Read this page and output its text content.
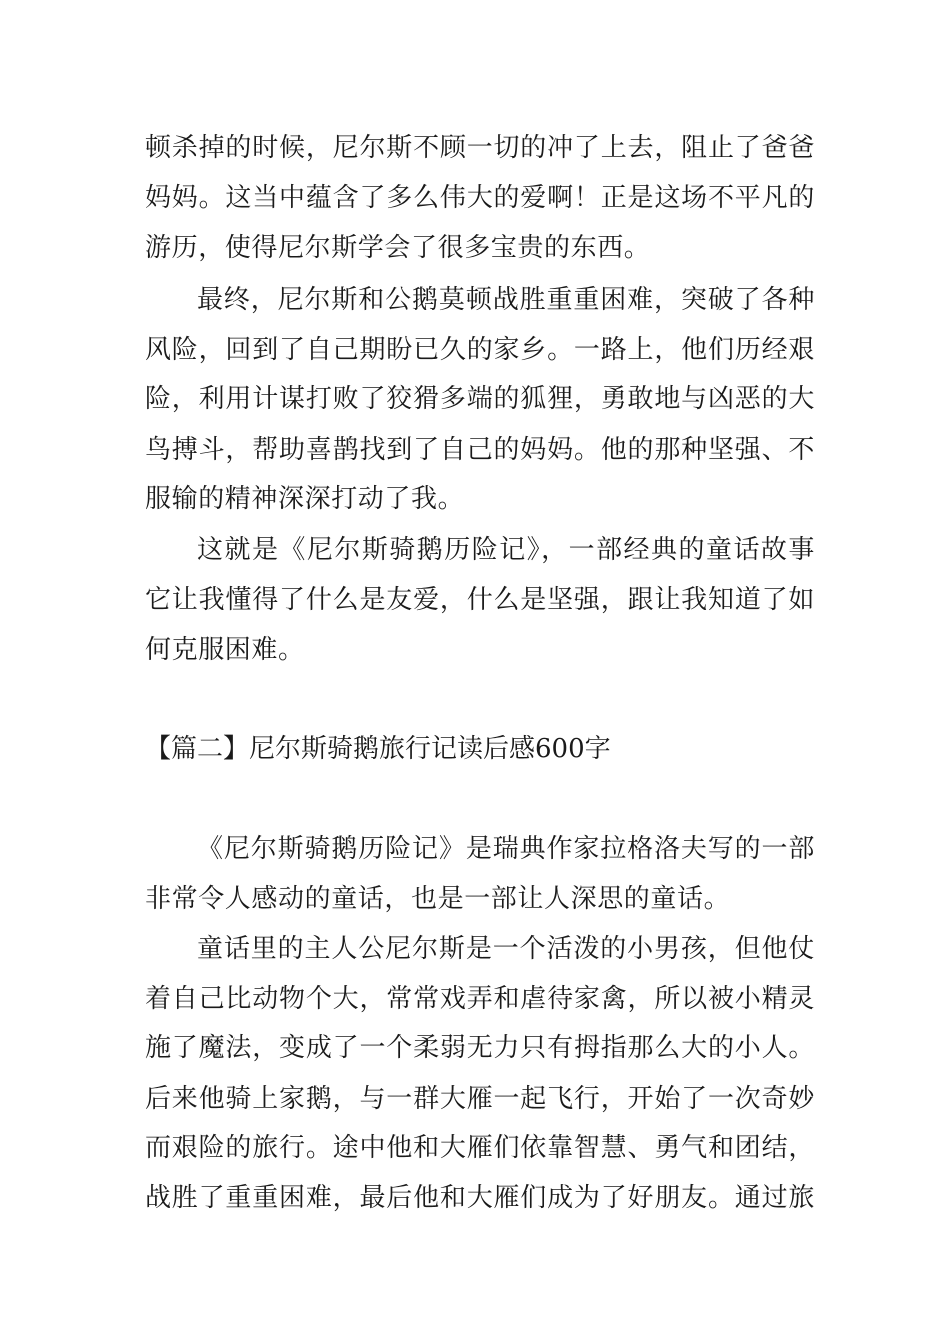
顿杀掉的时候，尼尔斯不顾一切的冲了上去，阻止了爸爸
妈妈。这当中蕴含了多么伟大的爱啊！正是这场不平凡的
游历，使得尼尔斯学会了很多宝贵的东西。
最终，尼尔斯和公鹅莫顿战胜重重困难，突破了各种
风险，回到了自己期盼已久的家乡。一路上，他们历经艰
险，利用计谋打败了狡猾多端的狐狸，勇敢地与凶恶的大
鸟搏斗，帮助喜鹊找到了自己的妈妈。他的那种坚强、不
服输的精神深深打动了我。
这就是《尼尔斯骑鹅历险记》，一部经典的童话故事
它让我懂得了什么是友爱，什么是坚强，跟让我知道了如
何克服困难。
【篇二】尼尔斯骑鹅旅行记读后感600字
《尼尔斯骑鹅历险记》是瑞典作家拉格洛夫写的一部
非常令人感动的童话，也是一部让人深思的童话。
童话里的主人公尼尔斯是一个活泼的小男孩，但他仗
着自己比动物个大，常常戏弄和虐待家禽，所以被小精灵
施了魔法，变成了一个柔弱无力只有拇指那么大的小人。
后来他骑上家鹅，与一群大雁一起飞行，开始了一次奇妙
而艰险的旅行。途中他和大雁们依靠智慧、勇气和团结，
战胜了重重困难，最后他和大雁们成为了好朋友。通过旅
